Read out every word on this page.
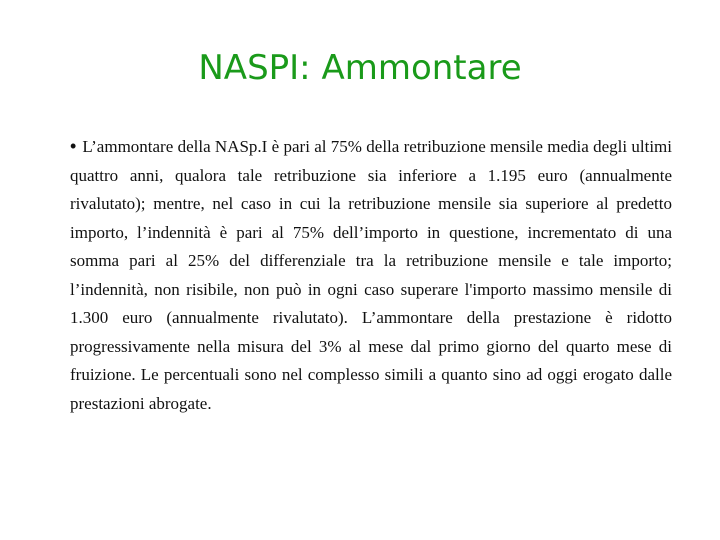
NASPI: Ammontare

• L’ammontare della NASp.I è pari al 75% della retribuzione mensile media degli ultimi quattro anni, qualora tale retribuzione sia inferiore a 1.195 euro (annualmente rivalutato); mentre, nel caso in cui la retribuzione mensile sia superiore al predetto importo, l’indennità è pari al 75% dell’importo in questione, incrementato di una somma pari al 25% del differenziale tra la retribuzione mensile e tale importo; l’indennità, non risibile, non può in ogni caso superare l'importo massimo mensile di 1.300 euro (annualmente rivalutato). L’ammontare della prestazione è ridotto progressivamente nella misura del 3% al mese dal primo giorno del quarto mese di fruizione. Le percentuali sono nel complesso simili a quanto sino ad oggi erogato dalle prestazioni abrogate.
